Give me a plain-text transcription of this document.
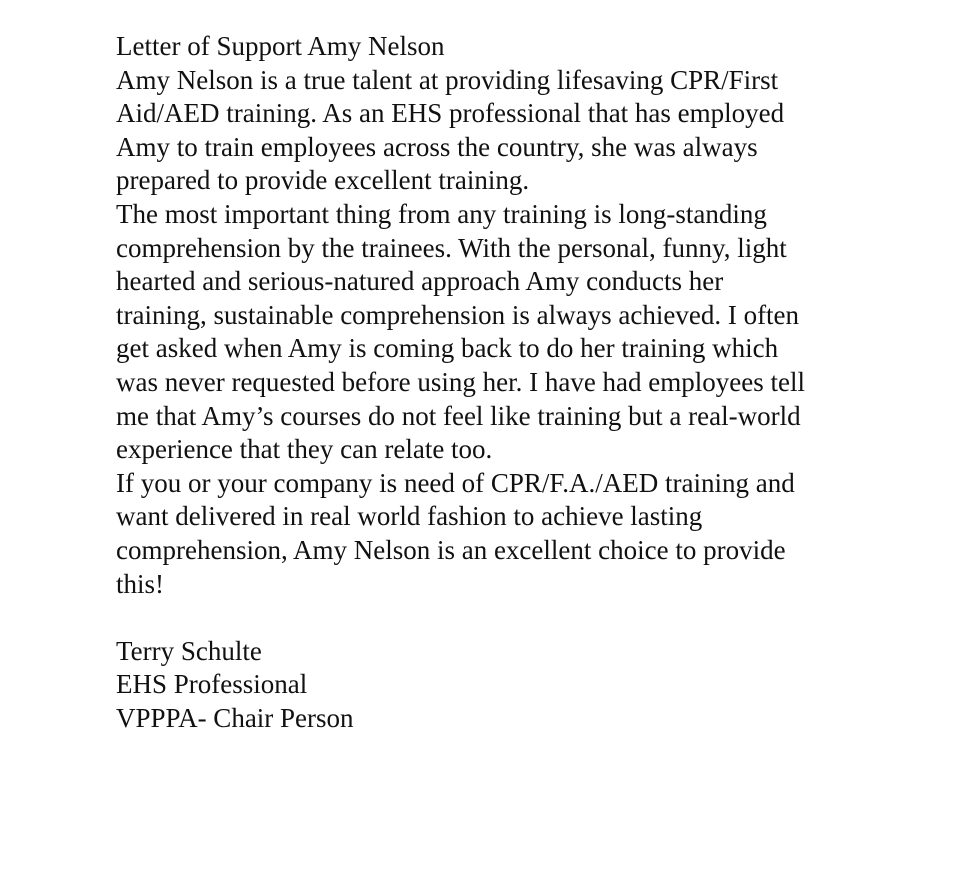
Letter of Support Amy Nelson
Amy Nelson is a true talent at providing lifesaving CPR/First
Aid/AED training. As an EHS professional that has employed
Amy to train employees across the country, she was always
prepared to provide excellent training.
The most important thing from any training is long-standing
comprehension by the trainees. With the personal, funny, light
hearted and serious-natured approach Amy conducts her
training, sustainable comprehension is always achieved. I often
get asked when Amy is coming back to do her training which
was never requested before using her. I have had employees tell
me that Amy’s courses do not feel like training but a real-world
experience that they can relate too.
If you or your company is need of CPR/F.A./AED training and
want delivered in real world fashion to achieve lasting
comprehension, Amy Nelson is an excellent choice to provide
this!
Terry Schulte
EHS Professional
VPPPA- Chair Person
